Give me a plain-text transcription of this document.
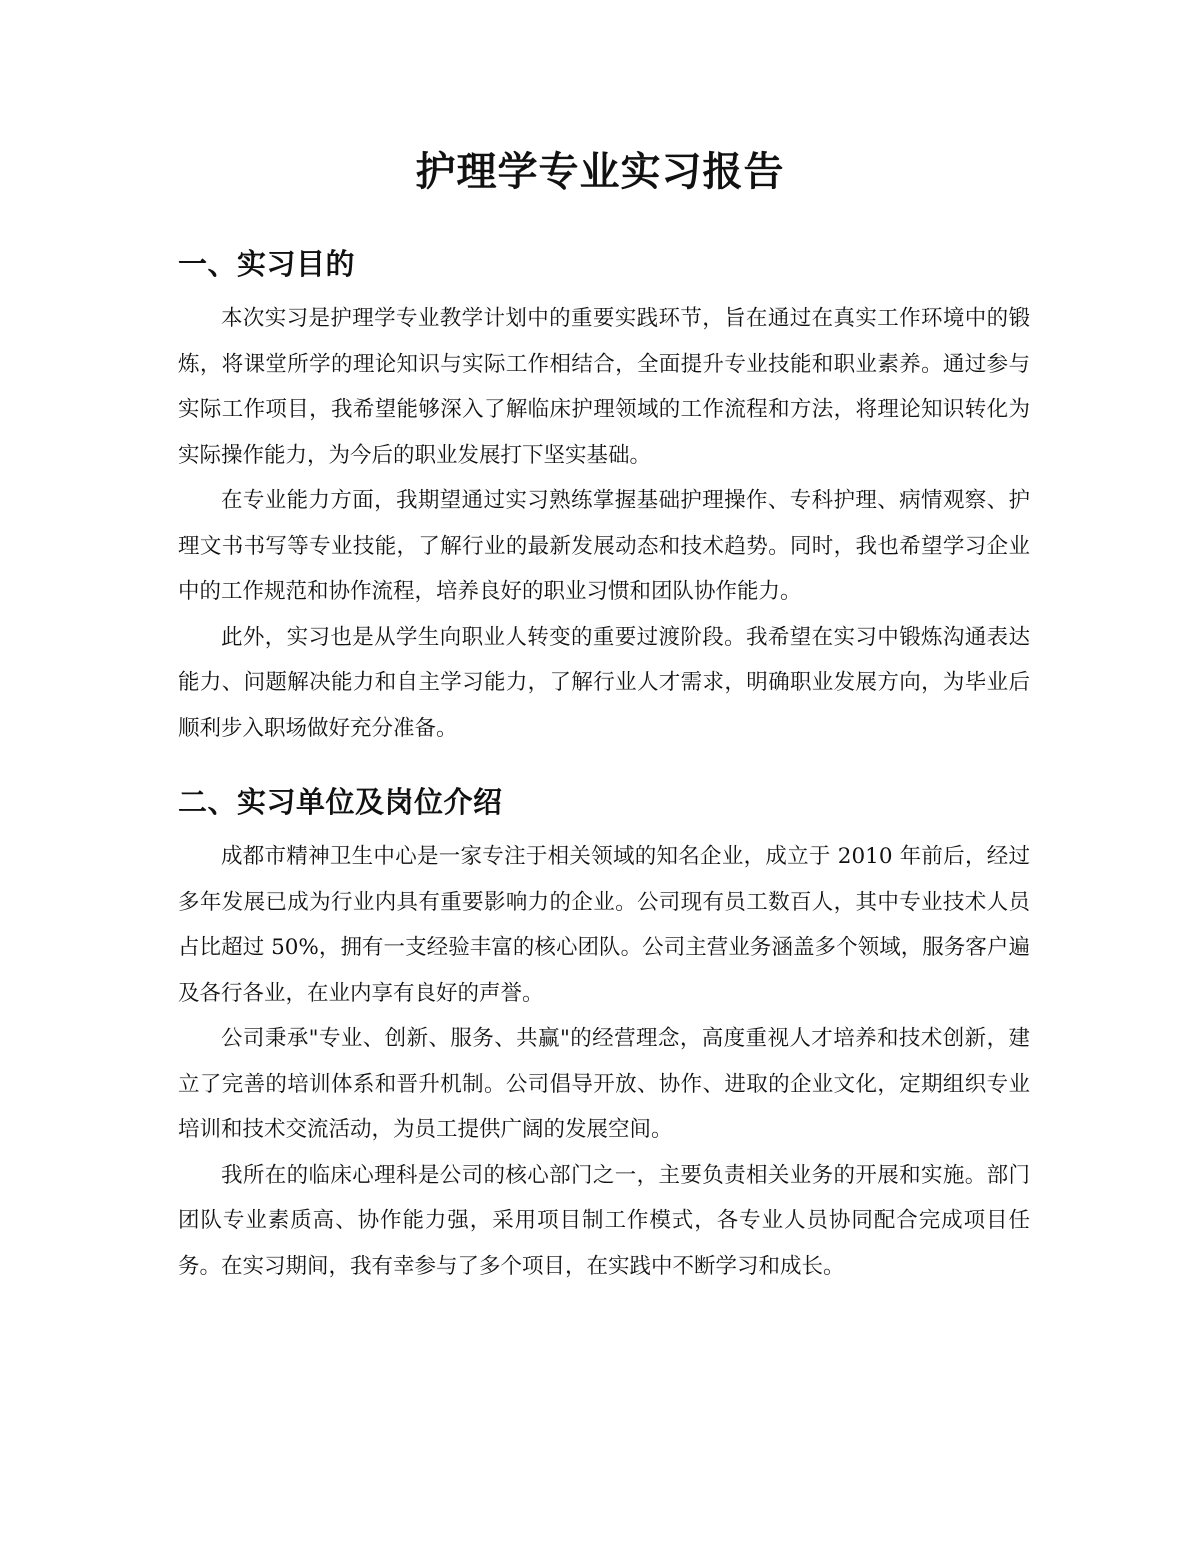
护理学专业实习报告
一、实习目的

本次实习是护理学专业教学计划中的重要实践环节，旨在通过在真实工作环境中的锻炼，将课堂所学的理论知识与实际工作相结合，全面提升专业技能和职业素养。通过参与实际工作项目，我希望能够深入了解临床护理领域的工作流程和方法，将理论知识转化为实际操作能力，为今后的职业发展打下坚实基础。

在专业能力方面，我期望通过实习熟练掌握基础护理操作、专科护理、病情观察、护理文书书写等专业技能，了解行业的最新发展动态和技术趋势。同时，我也希望学习企业中的工作规范和协作流程，培养良好的职业习惯和团队协作能力。

此外，实习也是从学生向职业人转变的重要过渡阶段。我希望在实习中锻炼沟通表达能力、问题解决能力和自主学习能力，了解行业人才需求，明确职业发展方向，为毕业后顺利步入职场做好充分准备。

二、实习单位及岗位介绍

成都市精神卫生中心是一家专注于相关领域的知名企业，成立于 2010 年前后，经过多年发展已成为行业内具有重要影响力的企业。公司现有员工数百人，其中专业技术人员占比超过 50%，拥有一支经验丰富的核心团队。公司主营业务涵盖多个领域，服务客户遍及各行各业，在业内享有良好的声誉。

公司秉承"专业、创新、服务、共赢"的经营理念，高度重视人才培养和技术创新，建立了完善的培训体系和晋升机制。公司倡导开放、协作、进取的企业文化，定期组织专业培训和技术交流活动，为员工提供广阔的发展空间。

我所在的临床心理科是公司的核心部门之一，主要负责相关业务的开展和实施。部门团队专业素质高、协作能力强，采用项目制工作模式，各专业人员协同配合完成项目任务。在实习期间，我有幸参与了多个项目，在实践中不断学习和成长。
